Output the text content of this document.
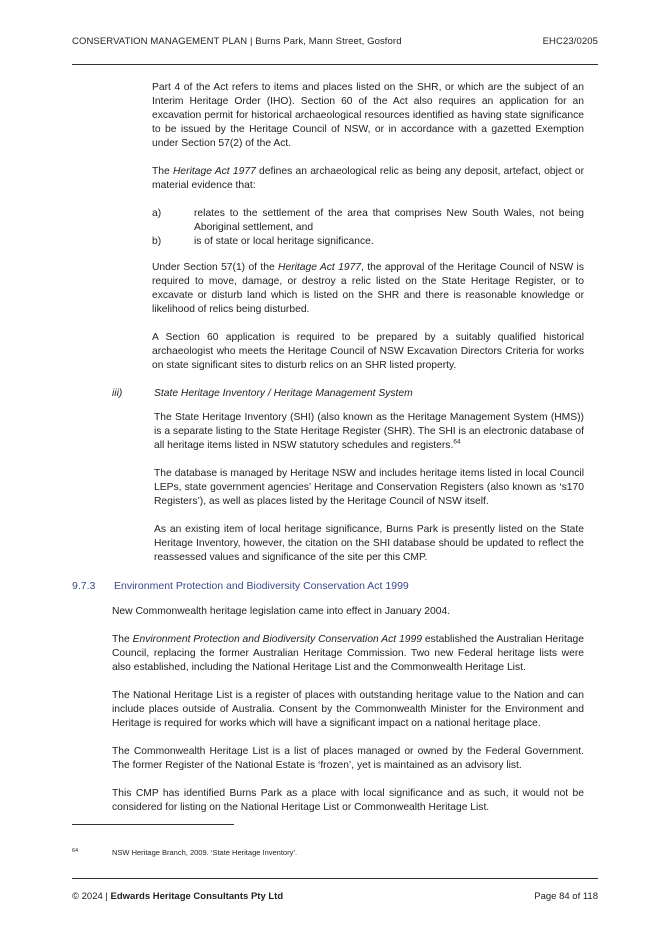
CONSERVATION MANAGEMENT PLAN | Burns Park, Mann Street, Gosford	EHC23/0205

Part 4 of the Act refers to items and places listed on the SHR, or which are the subject of an Interim Heritage Order (IHO). Section 60 of the Act also requires an application for an excavation permit for historical archaeological resources identified as having state significance to be issued by the Heritage Council of NSW, or in accordance with a gazetted Exemption under Section 57(2) of the Act.

The Heritage Act 1977 defines an archaeological relic as being any deposit, artefact, object or material evidence that:

a)	relates to the settlement of the area that comprises New South Wales, not being Aboriginal settlement, and
b)	is of state or local heritage significance.

Under Section 57(1) of the Heritage Act 1977, the approval of the Heritage Council of NSW is required to move, damage, or destroy a relic listed on the State Heritage Register, or to excavate or disturb land which is listed on the SHR and there is reasonable knowledge or likelihood of relics being disturbed.

A Section 60 application is required to be prepared by a suitably qualified historical archaeologist who meets the Heritage Council of NSW Excavation Directors Criteria for works on state significant sites to disturb relics on an SHR listed property.

iii)	State Heritage Inventory / Heritage Management System

The State Heritage Inventory (SHI) (also known as the Heritage Management System (HMS)) is a separate listing to the State Heritage Register (SHR). The SHI is an electronic database of all heritage items listed in NSW statutory schedules and registers.$^{64}$

The database is managed by Heritage NSW and includes heritage items listed in local Council LEPs, state government agencies’ Heritage and Conservation Registers (also known as ‘s170 Registers’), as well as places listed by the Heritage Council of NSW itself.

As an existing item of local heritage significance, Burns Park is presently listed on the State Heritage Inventory, however, the citation on the SHI database should be updated to reflect the reassessed values and significance of the site per this CMP.

9.7.3 Environment Protection and Biodiversity Conservation Act 1999

New Commonwealth heritage legislation came into effect in January 2004.

The Environment Protection and Biodiversity Conservation Act 1999 established the Australian Heritage Council, replacing the former Australian Heritage Commission. Two new Federal heritage lists were also established, including the National Heritage List and the Commonwealth Heritage List.

The National Heritage List is a register of places with outstanding heritage value to the Nation and can include places outside of Australia. Consent by the Commonwealth Minister for the Environment and Heritage is required for works which will have a significant impact on a national heritage place.

The Commonwealth Heritage List is a list of places managed or owned by the Federal Government. The former Register of the National Estate is ‘frozen’, yet is maintained as an advisory list.

This CMP has identified Burns Park as a place with local significance and as such, it would not be considered for listing on the National Heritage List or Commonwealth Heritage List.

64	NSW Heritage Branch, 2009. ‘State Heritage Inventory’.
© 2024 | Edwards Heritage Consultants Pty Ltd	Page 84 of 118
